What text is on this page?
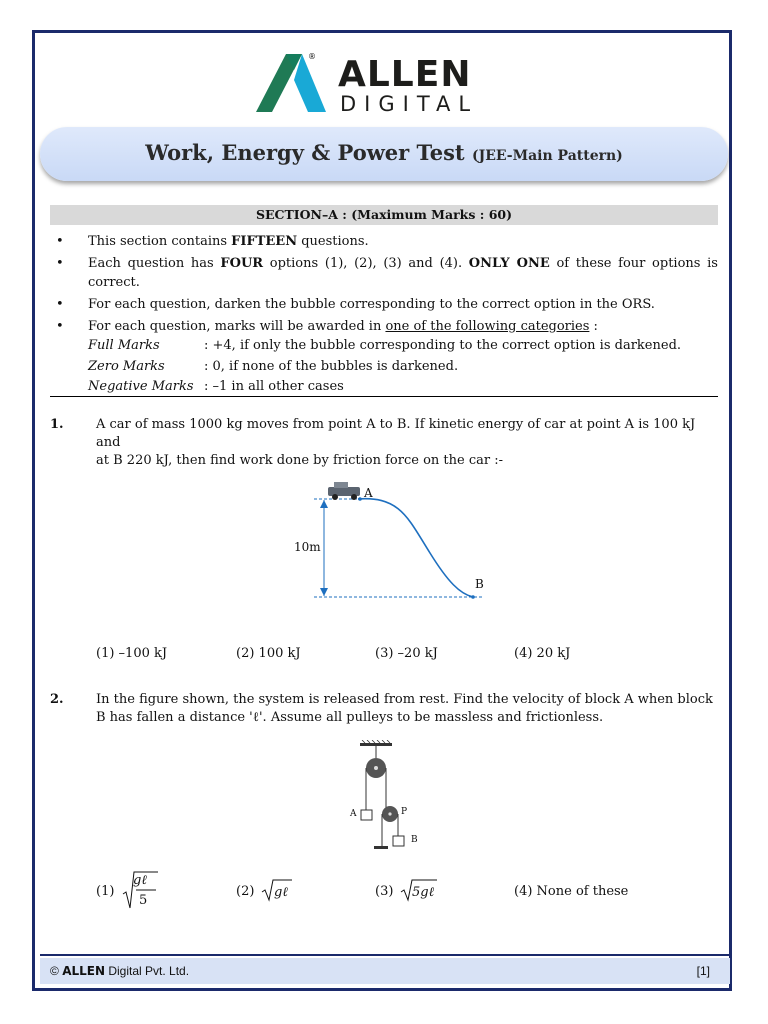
® ALLEN
DIGITAL
Work, Energy & Power Test (JEE-Main Pattern)
SECTION–A : (Maximum Marks : 60)
• This section contains FIFTEEN questions.
• Each question has FOUR options (1), (2), (3) and (4). ONLY ONE of these four options is correct.
• For each question, darken the bubble corresponding to the correct option in the ORS.
• For each question, marks will be awarded in one of the following categories :
Full Marks	: +4, if only the bubble corresponding to the correct option is darkened.
Zero Marks	: 0, if none of the bubbles is darkened.
Negative Marks : –1 in all other cases
1.	A car of mass 1000 kg moves from point A to B. If kinetic energy of car at point A is 100 kJ and
at B 220 kJ, then find work done by friction force on the car :-
A
B
10m
(1) –100 kJ	(2) 100 kJ	(3) –20 kJ	(4) 20 kJ
2.	In the figure shown, the system is released from rest. Find the velocity of block A when block
B has fallen a distance 'ℓ'. Assume all pulleys to be massless and frictionless.
A	P
B
(1)
gℓ
5
(2) gℓ	(3) 5gℓ	(4) None of these
© ALLEN Digital Pvt. Ltd.	[1]
